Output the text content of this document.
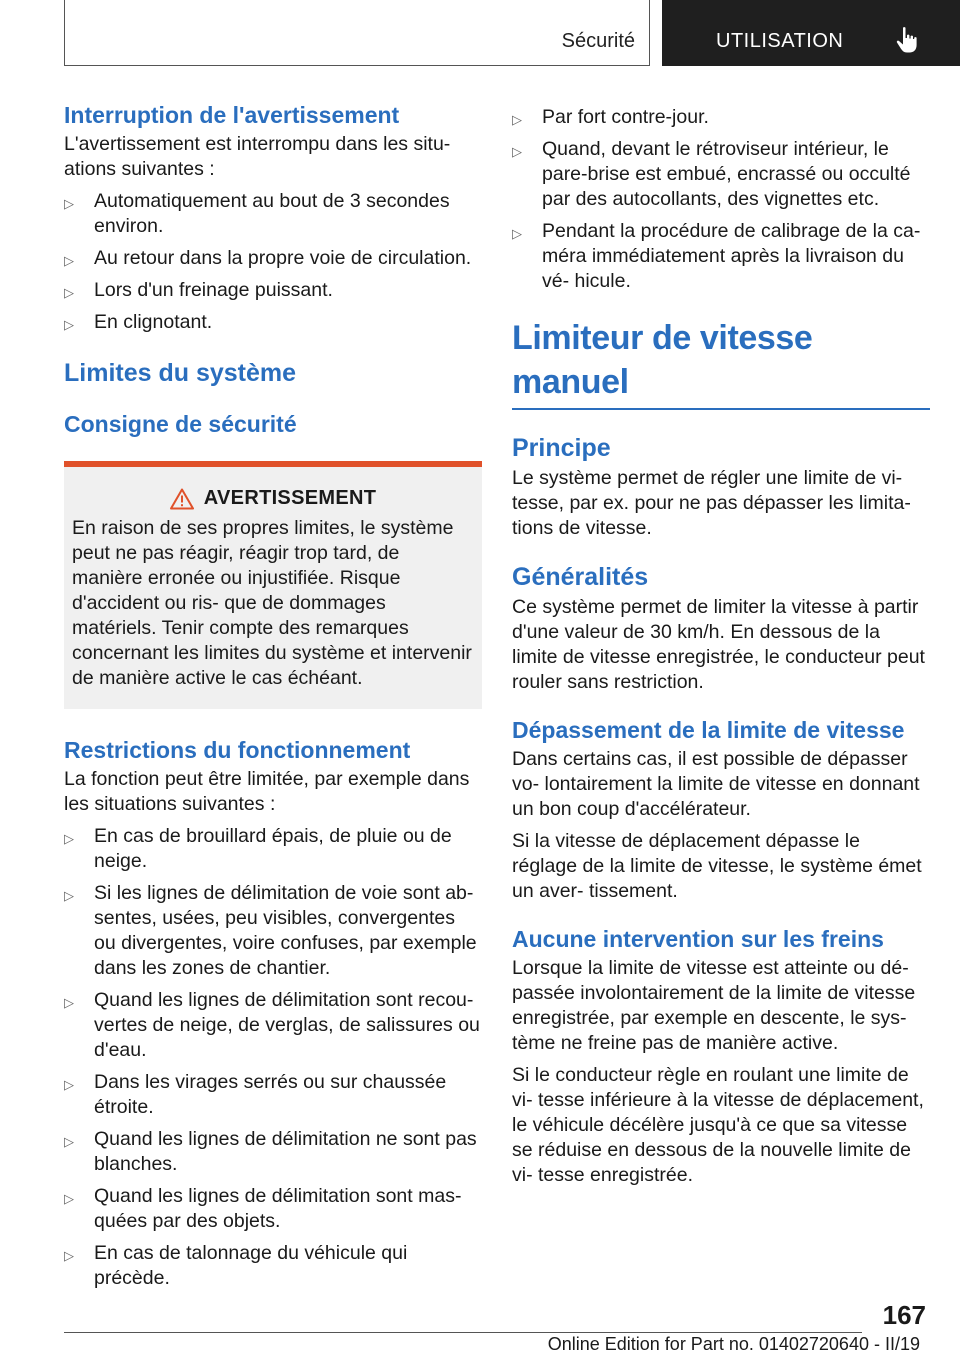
Sécurité	UTILISATION
Interruption de l'avertissement

L'avertissement est interrompu dans les situ‐ ations suivantes :

▷ Automatiquement au bout de 3 secondes environ.
▷ Au retour dans la propre voie de circulation.
▷ Lors d'un freinage puissant.
▷ En clignotant.
Limites du système
Consigne de sécurité
AVERTISSEMENT

En raison de ses propres limites, le système peut ne pas réagir, réagir trop tard, de manière erronée ou injustifiée. Risque d'accident ou ris‐ que de dommages matériels. Tenir compte des remarques concernant les limites du système et intervenir de manière active le cas échéant.

Restrictions du fonctionnement

La fonction peut être limitée, par exemple dans les situations suivantes :

▷ En cas de brouillard épais, de pluie ou de neige.
▷ Si les lignes de délimitation de voie sont ab‐ sentes, usées, peu visibles, convergentes ou divergentes, voire confuses, par exemple dans les zones de chantier.
▷ Quand les lignes de délimitation sont recou‐ vertes de neige, de verglas, de salissures ou d'eau.
▷ Dans les virages serrés ou sur chaussée étroite.
▷ Quand les lignes de délimitation ne sont pas blanches.
▷ Quand les lignes de délimitation sont mas‐ quées par des objets.
▷ En cas de talonnage du véhicule qui précède.
▷ Par fort contre-jour.
▷ Quand, devant le rétroviseur intérieur, le pare-brise est embué, encrassé ou occulté par des autocollants, des vignettes etc.
▷ Pendant la procédure de calibrage de la ca‐ méra immédiatement après la livraison du vé‐ hicule.
Limiteur de vitesse manuel
Principe

Le système permet de régler une limite de vi‐ tesse, par ex. pour ne pas dépasser les limita‐ tions de vitesse.

Généralités

Ce système permet de limiter la vitesse à partir d'une valeur de 30 km/h. En dessous de la limite de vitesse enregistrée, le conducteur peut rouler sans restriction.

Dépassement de la limite de vitesse

Dans certains cas, il est possible de dépasser vo‐ lontairement la limite de vitesse en donnant un bon coup d'accélérateur.

Si la vitesse de déplacement dépasse le réglage de la limite de vitesse, le système émet un aver‐ tissement.

Aucune intervention sur les freins

Lorsque la limite de vitesse est atteinte ou dé‐ passée involontairement de la limite de vitesse enregistrée, par exemple en descente, le sys‐ tème ne freine pas de manière active.

Si le conducteur règle en roulant une limite de vi‐ tesse inférieure à la vitesse de déplacement, le véhicule décélère jusqu'à ce que sa vitesse se réduise en dessous de la nouvelle limite de vi‐ tesse enregistrée.

167
Online Edition for Part no. 01402720640 - II/19
